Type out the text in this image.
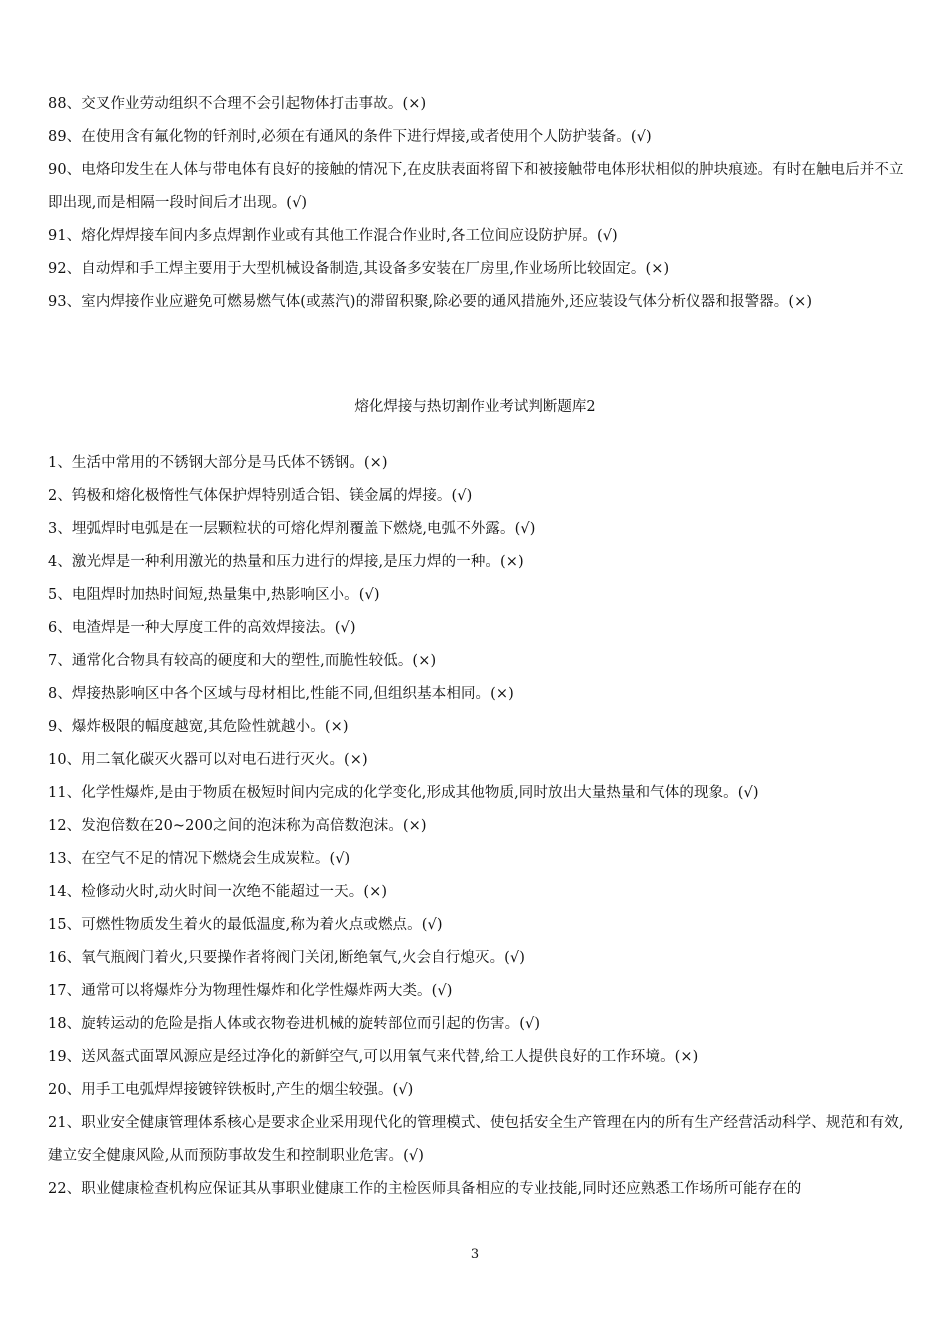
88、交叉作业劳动组织不合理不会引起物体打击事故。(×)

89、在使用含有氟化物的钎剂时,必须在有通风的条件下进行焊接,或者使用个人防护装备。(√)

90、电烙印发生在人体与带电体有良好的接触的情况下,在皮肤表面将留下和被接触带电体形状相似的肿块痕迹。有时在触电后并不立即出现,而是相隔一段时间后才出现。(√)

91、熔化焊焊接车间内多点焊割作业或有其他工作混合作业时,各工位间应设防护屏。(√)

92、自动焊和手工焊主要用于大型机械设备制造,其设备多安装在厂房里,作业场所比较固定。(×)

93、室内焊接作业应避免可燃易燃气体(或蒸汽)的滞留积聚,除必要的通风措施外,还应装设气体分析仪器和报警器。(×)

熔化焊接与热切割作业考试判断题库2

1、生活中常用的不锈钢大部分是马氏体不锈钢。(×)

2、钨极和熔化极惰性气体保护焊特别适合铝、镁金属的焊接。(√)

3、埋弧焊时电弧是在一层颗粒状的可熔化焊剂覆盖下燃烧,电弧不外露。(√)

4、激光焊是一种利用激光的热量和压力进行的焊接,是压力焊的一种。(×)

5、电阻焊时加热时间短,热量集中,热影响区小。(√)

6、电渣焊是一种大厚度工件的高效焊接法。(√)

7、通常化合物具有较高的硬度和大的塑性,而脆性较低。(×)

8、焊接热影响区中各个区域与母材相比,性能不同,但组织基本相同。(×)

9、爆炸极限的幅度越宽,其危险性就越小。(×)

10、用二氧化碳灭火器可以对电石进行灭火。(×)

11、化学性爆炸,是由于物质在极短时间内完成的化学变化,形成其他物质,同时放出大量热量和气体的现象。(√)

12、发泡倍数在20~200之间的泡沫称为高倍数泡沫。(×)

13、在空气不足的情况下燃烧会生成炭粒。(√)

14、检修动火时,动火时间一次绝不能超过一天。(×)

15、可燃性物质发生着火的最低温度,称为着火点或燃点。(√)

16、氧气瓶阀门着火,只要操作者将阀门关闭,断绝氧气,火会自行熄灭。(√)

17、通常可以将爆炸分为物理性爆炸和化学性爆炸两大类。(√)

18、旋转运动的危险是指人体或衣物卷进机械的旋转部位而引起的伤害。(√)

19、送风盔式面罩风源应是经过净化的新鲜空气,可以用氧气来代替,给工人提供良好的工作环境。(×)

20、用手工电弧焊焊接镀锌铁板时,产生的烟尘较强。(√)

21、职业安全健康管理体系核心是要求企业采用现代化的管理模式、使包括安全生产管理在内的所有生产经营活动科学、规范和有效,建立安全健康风险,从而预防事故发生和控制职业危害。(√)

22、职业健康检查机构应保证其从事职业健康工作的主检医师具备相应的专业技能,同时还应熟悉工作场所可能存在的

3
